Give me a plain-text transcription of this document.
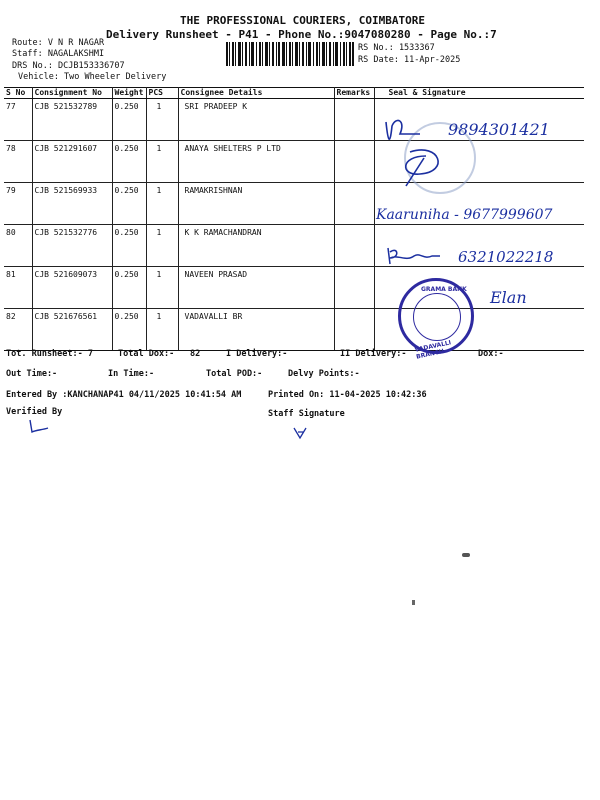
THE PROFESSIONAL COURIERS, COIMBATORE
Delivery Runsheet - P41 - Phone No.:9047080280 - Page No.:7
Route: V N R NAGAR
Staff: NAGALAKSHMI
DRS No.: DCJB153336707
Vehicle: Two Wheeler Delivery
RS No.: 1533367
RS Date: 11-Apr-2025
S No	Consignment No	Weight	PCS	Consignee Details	Remarks	Seal & Signature
77	CJB 521532789	0.250	1	SRI PRADEEP K		
78	CJB 521291607	0.250	1	ANAYA SHELTERS P LTD		
79	CJB 521569933	0.250	1	RAMAKRISHNAN		
80	CJB 521532776	0.250	1	K K RAMACHANDRAN		
81	CJB 521609073	0.250	1	NAVEEN PRASAD		
82	CJB 521676561	0.250	1	VADAVALLI BR		
9894301421
Kaaruniha - 9677999607
6321022218
Elan
GRAMA BANK
VADAVALLI BRANCH
Tot. Runsheet:- 7	Total Dox:- 82	I Delivery:-	II Delivery:-	Dox:-
Out Time:-	In Time:-	Total POD:-	Delvy Points:-
Entered By :KANCHANAP41 04/11/2025 10:41:54 AM	Printed On: 11-04-2025 10:42:36
Verified By	Staff Signature
